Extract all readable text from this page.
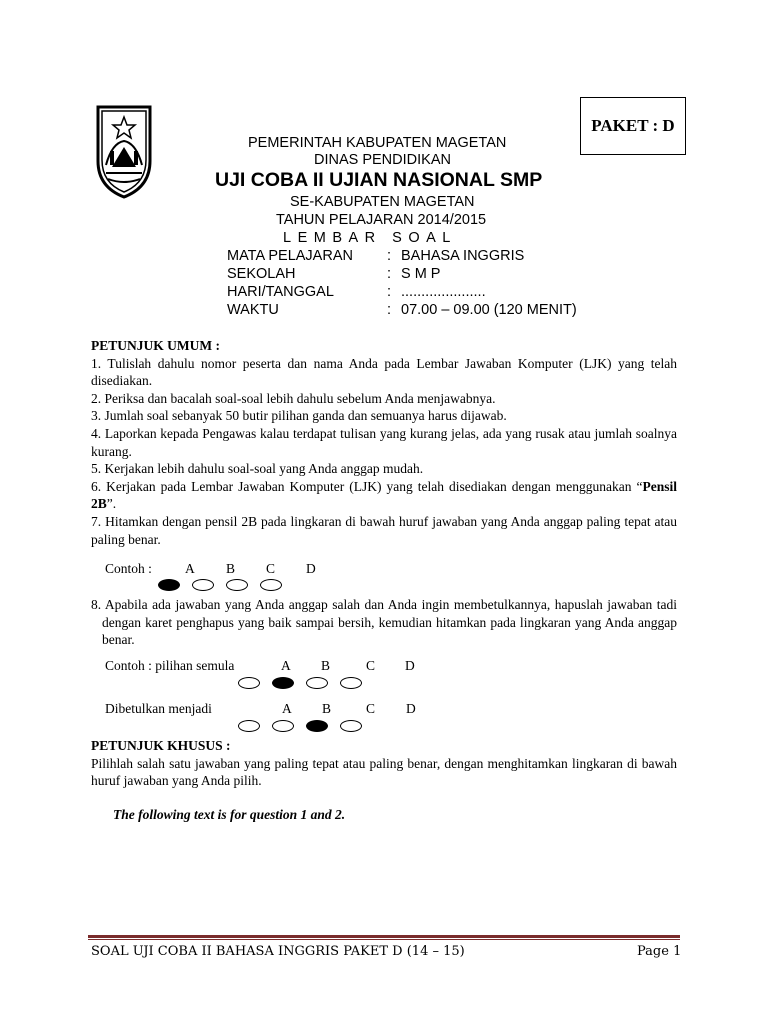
PAKET : D
PEMERINTAH KABUPATEN MAGETAN
DINAS PENDIDIKAN
UJI COBA II UJIAN NASIONAL SMP
SE-KABUPATEN MAGETAN
TAHUN PELAJARAN 2014/2015
LEMBAR SOAL
MATA PELAJARAN : BAHASA INGGRIS
SEKOLAH	: S M P
HARI/TANGGAL	: .....................
WAKTU	: 07.00 – 09.00 (120 MENIT)

PETUNJUK UMUM :

1. Tulislah dahulu nomor peserta dan nama Anda pada Lembar Jawaban Komputer (LJK) yang telah disediakan.

2. Periksa dan bacalah soal-soal lebih dahulu sebelum Anda menjawabnya.

3. Jumlah soal sebanyak 50 butir pilihan ganda dan semuanya harus dijawab.

4. Laporkan kepada Pengawas kalau terdapat tulisan yang kurang jelas, ada yang rusak atau jumlah soalnya kurang.

5. Kerjakan lebih dahulu soal-soal yang Anda anggap mudah.

6. Kerjakan pada Lembar Jawaban Komputer (LJK) yang telah disediakan dengan menggunakan “Pensil 2B”.

7. Hitamkan dengan pensil 2B pada lingkaran di bawah huruf jawaban yang Anda anggap paling tepat atau paling benar.

Contoh : A B C D
8. Apabila ada jawaban yang Anda anggap salah dan Anda ingin membetulkannya, hapuslah jawaban tadi dengan karet penghapus yang baik sampai bersih, kemudian hitamkan pada lingkaran yang Anda anggap benar.
Contoh : pilihan semula	A B	C D
Dibetulkan menjadi	A B	C D

PETUNJUK KHUSUS :

Pilihlah salah satu jawaban yang paling tepat atau paling benar, dengan menghitamkan lingkaran di bawah huruf jawaban yang Anda pilih.

The following text is for question 1 and 2.
SOAL UJI COBA II BAHASA INGGRIS PAKET D (14 – 15)	Page 1
